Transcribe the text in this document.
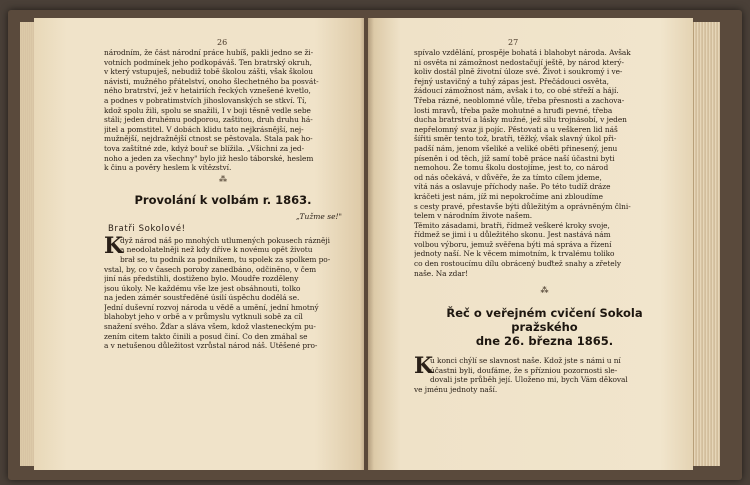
26
národním, že část národní práce hubíš, pakli jedno se ži-
votních podmínek jeho podkopáváš. Ten bratrský okruh,
v který vstupuješ, nebudiž tobě školou zášti, však školou
návisti, mužného přátelství, onoho šlechetného ba posvát-
ného bratrství, jež v hetairiích řeckých vznešené kvetlo,
a podnes v pobratimstvích jihoslovanských se stkví. Tí,
kdož spolu žili, spolu se snažili, I v boji těsně vedle sebe
stáli; jeden druhému podporou, zaštitou, druh druhu há-
jitel a pomstitel. V dobách klidu tato nejkrásnější, nej-
mužnější, nejdražnější ctnost se pěstovala. Stala pak ho-
tova zaštítné zde, kdyż bouř se blížila. „Všichni za jed-
noho a jeden za všechny" bylo již heslo táborské, heslem
k činu a pověry heslem k vítězství.
⁂
Provolání k volbám r. 1863.
„Tužme se!"
Bratři Sokolové!
K
dyž národ náš po mnohých utlumených pokusech rázněji
a neodolatelněji než kdy dříve k novému opět životu
brał se, tu podnik za podnikem, tu spolek za spolkem po-
vstal, by, co v časech poroby zanedbáno, odčiněno, v čem
jiní nás předstihli, dostiženo bylo. Moudře rozdělenу
jsou úkoly. Ne každému vše lze jest obsáhnouti, tolko
na jeden zámér soustředěné úsilí úspěchu dodělá se.
Jední duševní rozvoj národa u vědě a umění, jední hmotný
blahobyt jeho v orbě a v průmyslu vytknuli sobě za cíl
snažení svého. Žďar a sláva všem, kdož vlasteneckým pu-
zením citem takto činili a posud činí. Co den zmáhal se
a v netušenou důležitost vzrůstal národ náš. Utěšené pro-
27
spívalo vzdělání, prospěje bohatá i blahobyt národa. Avšak
ni osvěta ni zámožnost nedostačují ještě, by národ který-
koliv dostál plně životní úloze své. Život i soukromý i ve-
řejný ustavičný a tuhý zápas jest. Přečádouci osvěta,
žádoucí zámožnost nám, avšak i to, co obé střeží a hájí.
Třeba rázné, neoblomné vůle, třeba přesnosti a zachova-
losti mravů, třeba paže mohutné a hruđi pevné, třeba
ducha bratrství a lásky mužné, jež silu trojnásobí, v jeden
nepřelomný svaz ji pojíc. Pěstovati a u veškeren lid náš
šířiti směr tento tož, bratři, těžký, však slavný úkol při-
padší nám, jenom všeliké a veliké oběti přinesený, jenu
píseněn i od těch, jíž samí tobě práce naší účastni byti
nemohou. Že tomu školu dostojíme, jest to, co národ
od nás očekává, v důvěře, že za tímto cílem jdeme,
vítá nás a oslavuje příchody naše. Po této tudíž dráze
kráčeti jest nám, jíž mi nepokročíme ani zbloudíme
s cesty pravé, přestavše býti důležitým a oprávněným člni-
telem v národním živote našem.
Těmito zásadami, bratři, řídmež veškeré kroky svoje,
řídmež se jimi i u důležitého skonu. Jest nastává nám
volbou výboru, jemuž svěřena býti má správa a řízení
jednoty naší. Ne k věcem mimotním, k trvalému toliko
co den rostoucímu dílu obrácený buďtež snahy a zřetely
naše. Na zdar!
⁂
Řeč o veřejném cvičení Sokola pražského
dne 26. března 1865.
K
u konci chýlí se slavnost naše. Kdož jste s námi u ní
účastni byli, doufáme, že s přízniou pozornosti sle-
dovali jste průběh její. Uloženo mi, bych Vám děkoval
ve jménu jednoty naší.
